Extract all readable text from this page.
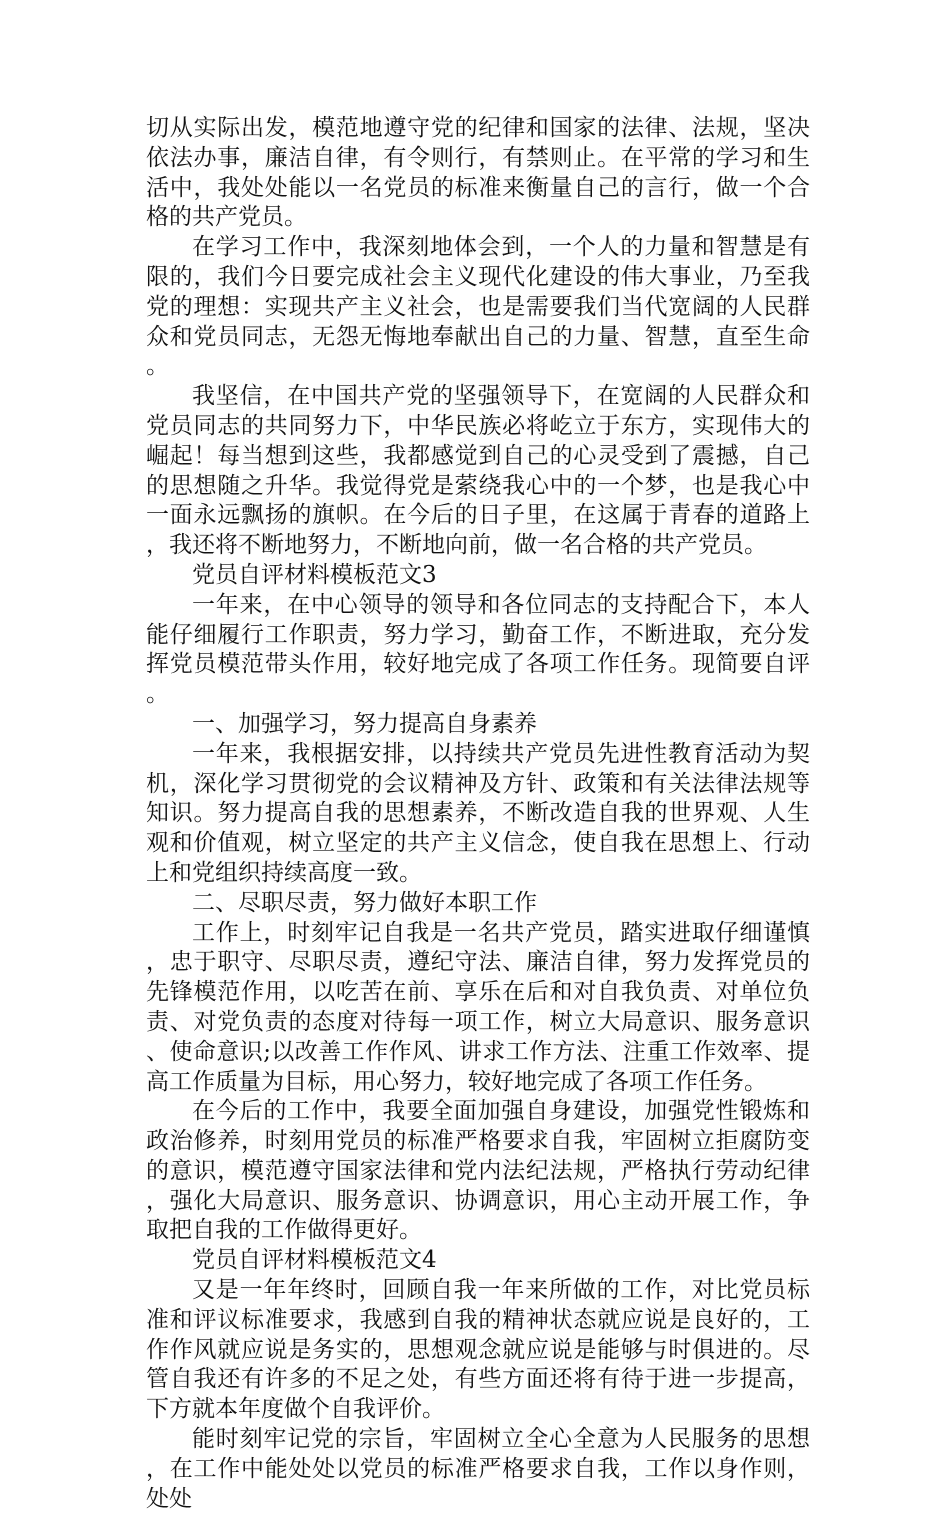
切从实际出发，模范地遵守党的纪律和国家的法律、法规，坚决依法办事，廉洁自律，有令则行，有禁则止。在平常的学习和生活中，我处处能以一名党员的标准来衡量自己的言行，做一个合格的共产党员。

在学习工作中，我深刻地体会到，一个人的力量和智慧是有限的，我们今日要完成社会主义现代化建设的伟大事业，乃至我党的理想：实现共产主义社会，也是需要我们当代宽阔的人民群众和党员同志，无怨无悔地奉献出自己的力量、智慧，直至生命。

我坚信，在中国共产党的坚强领导下，在宽阔的人民群众和党员同志的共同努力下，中华民族必将屹立于东方，实现伟大的崛起！每当想到这些，我都感觉到自己的心灵受到了震撼，自己的思想随之升华。我觉得党是萦绕我心中的一个梦，也是我心中一面永远飘扬的旗帜。在今后的日子里，在这属于青春的道路上，我还将不断地努力，不断地向前，做一名合格的共产党员。

党员自评材料模板范文3

一年来，在中心领导的领导和各位同志的支持配合下，本人能仔细履行工作职责，努力学习，勤奋工作，不断进取，充分发挥党员模范带头作用，较好地完成了各项工作任务。现简要自评。

一、加强学习，努力提高自身素养

一年来，我根据安排，以持续共产党员先进性教育活动为契机，深化学习贯彻党的会议精神及方针、政策和有关法律法规等知识。努力提高自我的思想素养，不断改造自我的世界观、人生观和价值观，树立坚定的共产主义信念，使自我在思想上、行动上和党组织持续高度一致。

二、尽职尽责，努力做好本职工作

工作上，时刻牢记自我是一名共产党员，踏实进取仔细谨慎，忠于职守、尽职尽责，遵纪守法、廉洁自律，努力发挥党员的先锋模范作用，以吃苦在前、享乐在后和对自我负责、对单位负责、对党负责的态度对待每一项工作，树立大局意识、服务意识、使命意识;以改善工作作风、讲求工作方法、注重工作效率、提高工作质量为目标，用心努力，较好地完成了各项工作任务。

在今后的工作中，我要全面加强自身建设，加强党性锻炼和政治修养，时刻用党员的标准严格要求自我，牢固树立拒腐防变的意识，模范遵守国家法律和党内法纪法规，严格执行劳动纪律，强化大局意识、服务意识、协调意识，用心主动开展工作，争取把自我的工作做得更好。

党员自评材料模板范文4

又是一年年终时，回顾自我一年来所做的工作，对比党员标准和评议标准要求，我感到自我的精神状态就应说是良好的，工作作风就应说是务实的，思想观念就应说是能够与时俱进的。尽管自我还有许多的不足之处，有些方面还将有待于进一步提高，下方就本年度做个自我评价。

能时刻牢记党的宗旨，牢固树立全心全意为人民服务的思想，在工作中能处处以党员的标准严格要求自我，工作以身作则，处处
